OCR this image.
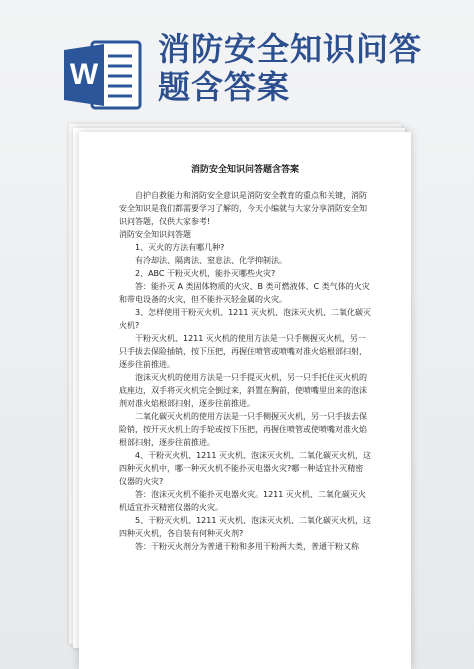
W
消防安全知识问答
题含答案
消防安全知识问答题含答案

自护自救能力和消防安全意识是消防安全教育的重点和关键，消防安全知识是我们都需要学习了解的，今天小编就与大家分享消防安全知识问答题，仅供大家参考!

消防安全知识问答题

1、灭火的方法有哪几种?

有冷却法、隔离法、窒息法、化学抑制法。

2、ABC 干粉灭火机，能扑灭哪些火灾?

答：能扑灭 A 类固体物质的火灾、B 类可燃液体、C 类气体的火灾和带电设备的火灾，但不能扑灭轻金属的火灾。

3、怎样使用干粉灭火机、1211 灭火机、泡沫灭火机、二氧化碳灭火机?

干粉灭火机、1211 灭火机的使用方法是一只手侧握灭火机，另一只手拔去保险插销，按下压把，再握住喷管或喷嘴对准火焰根部扫射，逐步往前推进。

泡沫灭火机的使用方法是一只手提灭火机，另一只手托住灭火机的底座边，双手将灭火机完全倒过来，斜置在胸前，使喷嘴里出来的泡沫剂对准火焰根部扫射，逐步往前推进。

二氧化碳灭火机的使用方法是一只手侧握灭火机，另一只手拔去保险销，按开灭火机上的手轮或按下压把，再握住喷管或使喷嘴对准火焰根部扫射，逐步往前推进。

4、干粉灭火机、1211 灭火机、泡沫灭火机、二氧化碳灭火机，这四种灭火机中，哪一种灭火机不能扑灭电器火灾?哪一种适宜扑灭精密仪器的火灾?

答：泡沫灭火机不能扑灭电器火灾。1211 灭火机、二氧化碳灭火机适宜扑灭精密仪器的火灾。

5、干粉灭火机、1211 灭火机、泡沫灭火机、二氧化碳灭火机，这四种灭火机，各自装有何种灭火剂?

答：干粉灭火剂分为普通干粉和多用干粉两大类，普通干粉又称
